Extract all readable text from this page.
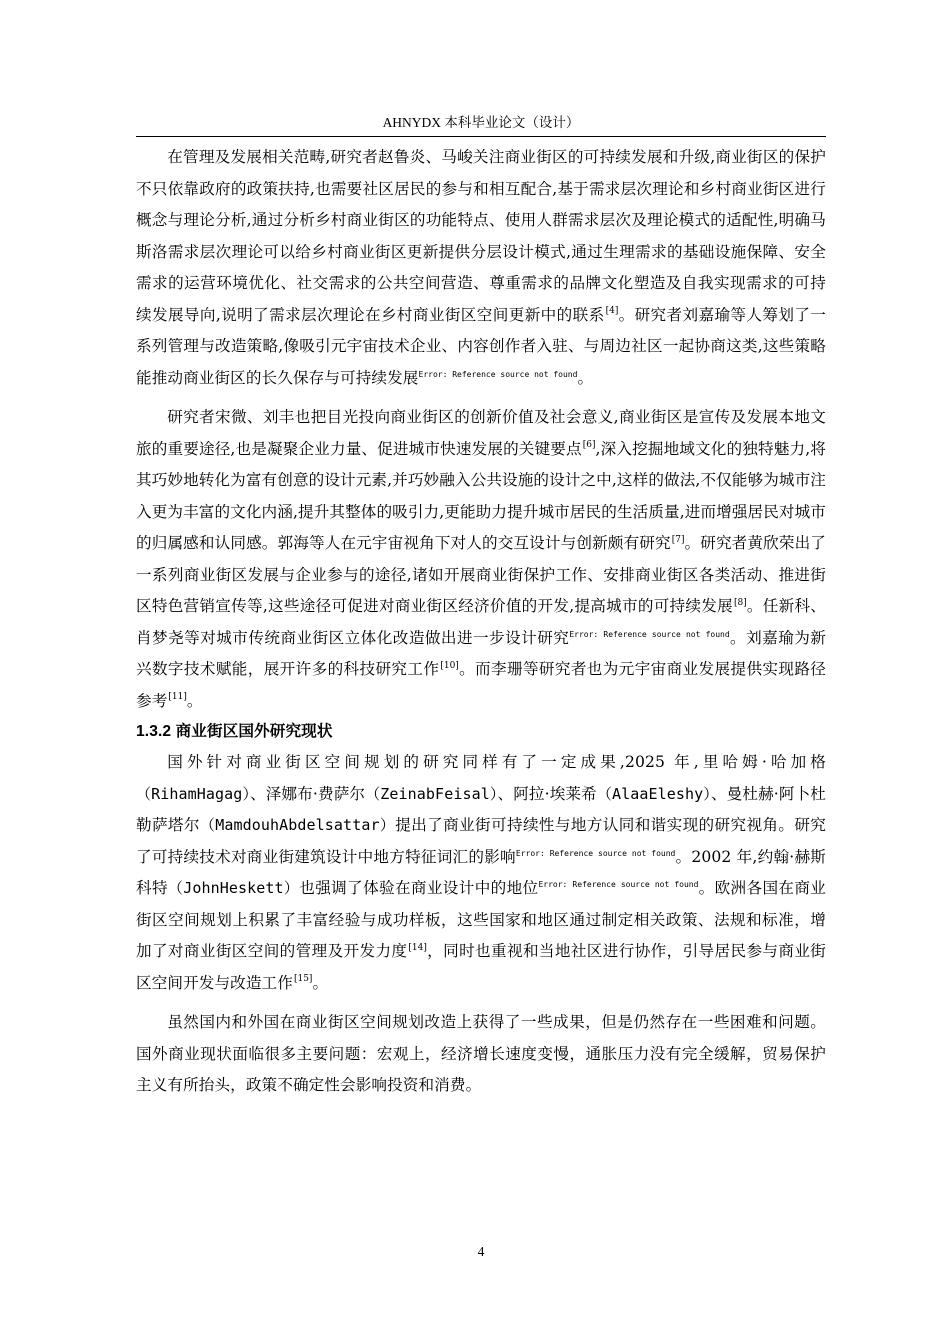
AHNYDX 本科毕业论文（设计）

在管理及发展相关范畴,研究者赵鲁炎、马峻关注商业街区的可持续发展和升级,商业街区的保护不只依靠政府的政策扶持,也需要社区居民的参与和相互配合,基于需求层次理论和乡村商业街区进行概念与理论分析,通过分析乡村商业街区的功能特点、使用人群需求层次及理论模式的适配性,明确马斯洛需求层次理论可以给乡村商业街区更新提供分层设计模式,通过生理需求的基础设施保障、安全需求的运营环境优化、社交需求的公共空间营造、尊重需求的品牌文化塑造及自我实现需求的可持续发展导向,说明了需求层次理论在乡村商业街区空间更新中的联系[4]。研究者刘嘉瑜等人筹划了一系列管理与改造策略,像吸引元宇宙技术企业、内容创作者入驻、与周边社区一起协商这类,这些策略能推动商业街区的长久保存与可持续发展$^{Error: Reference source not found}$。

研究者宋微、刘丰也把目光投向商业街区的创新价值及社会意义,商业街区是宣传及发展本地文旅的重要途径,也是凝聚企业力量、促进城市快速发展的关键要点[6],深入挖掘地域文化的独特魅力,将其巧妙地转化为富有创意的设计元素,并巧妙融入公共设施的设计之中,这样的做法,不仅能够为城市注入更为丰富的文化内涵,提升其整体的吸引力,更能助力提升城市居民的生活质量,进而增强居民对城市的归属感和认同感。郭海等人在元宇宙视角下对人的交互设计与创新颇有研究[7]。研究者黄欣荣出了一系列商业街区发展与企业参与的途径,诸如开展商业街保护工作、安排商业街区各类活动、推进街区特色营销宣传等,这些途径可促进对商业街区经济价值的开发,提高城市的可持续发展[8]。任新科、肖梦尧等对城市传统商业街区立体化改造做出进一步设计研究$^{Error: Reference source not found}$。刘嘉瑜为新兴数字技术赋能，展开许多的科技研究工作[10]。而李珊等研究者也为元宇宙商业发展提供实现路径参考[11]。

1.3.2 商业街区国外研究现状

国外针对商业街区空间规划的研究同样有了一定成果,2025 年,里哈姆·哈加格（RihamHagag）、泽娜布·费萨尔（ZeinabFeisal）、阿拉·埃莱希（AlaaEleshy）、曼杜赫·阿卜杜勒萨塔尔（MamdouhAbdelsattar）提出了商业街可持续性与地方认同和谐实现的研究视角。研究了可持续技术对商业街建筑设计中地方特征词汇的影响$^{Error: Reference source not found}$。2002 年,约翰·赫斯科特（JohnHeskett）也强调了体验在商业设计中的地位$^{Error: Reference source not found}$。欧洲各国在商业街区空间规划上积累了丰富经验与成功样板，这些国家和地区通过制定相关政策、法规和标准，增加了对商业街区空间的管理及开发力度[14]，同时也重视和当地社区进行协作，引导居民参与商业街区空间开发与改造工作[15]。

虽然国内和外国在商业街区空间规划改造上获得了一些成果，但是仍然存在一些困难和问题。国外商业现状面临很多主要问题：宏观上，经济增长速度变慢，通胀压力没有完全缓解，贸易保护主义有所抬头，政策不确定性会影响投资和消费。

4
